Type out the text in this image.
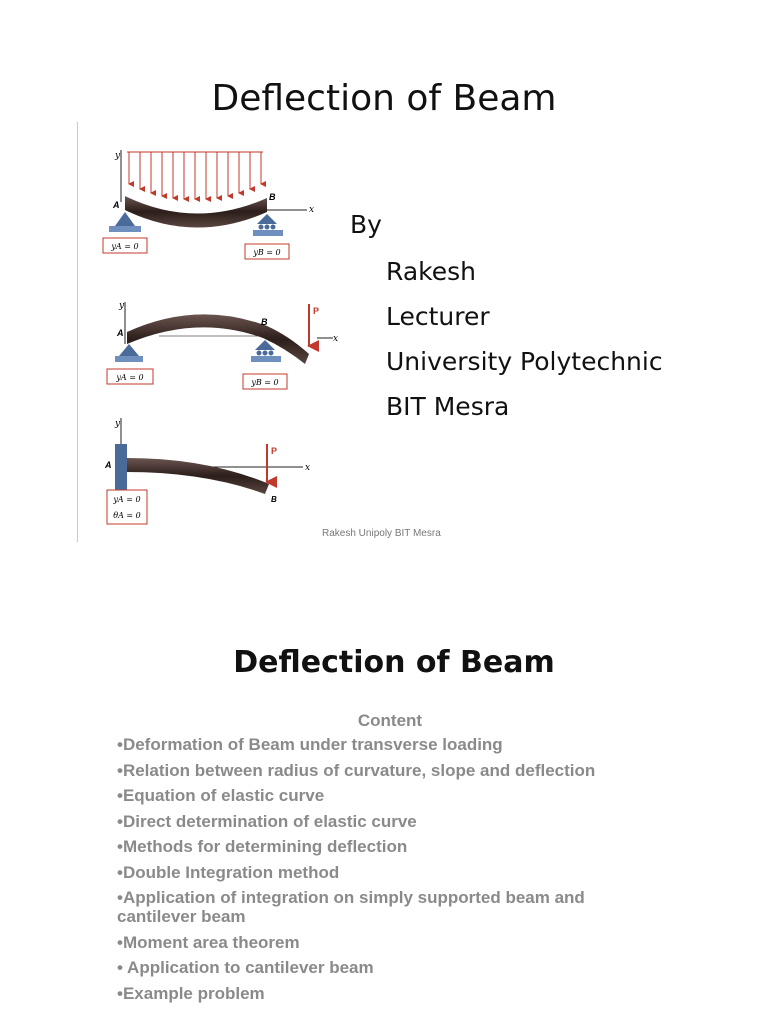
Deflection of Beam
y
x
A
B
yA = 0
yB = 0
y
x
A
B
P
yA = 0
yB = 0
y
x
A
B
P
yA = 0
θA = 0
By
Rakesh
Lecturer
University Polytechnic
BIT Mesra
Rakesh Unipoly BIT Mesra
Deflection of Beam
Content
•Deformation of Beam under transverse loading
•Relation between radius of curvature, slope and deflection
•Equation of elastic curve
•Direct determination of elastic curve
•Methods for determining deflection
•Double Integration method
•Application of integration on simply supported beam and cantilever beam
•Moment area theorem
• Application to cantilever beam
•Example problem
